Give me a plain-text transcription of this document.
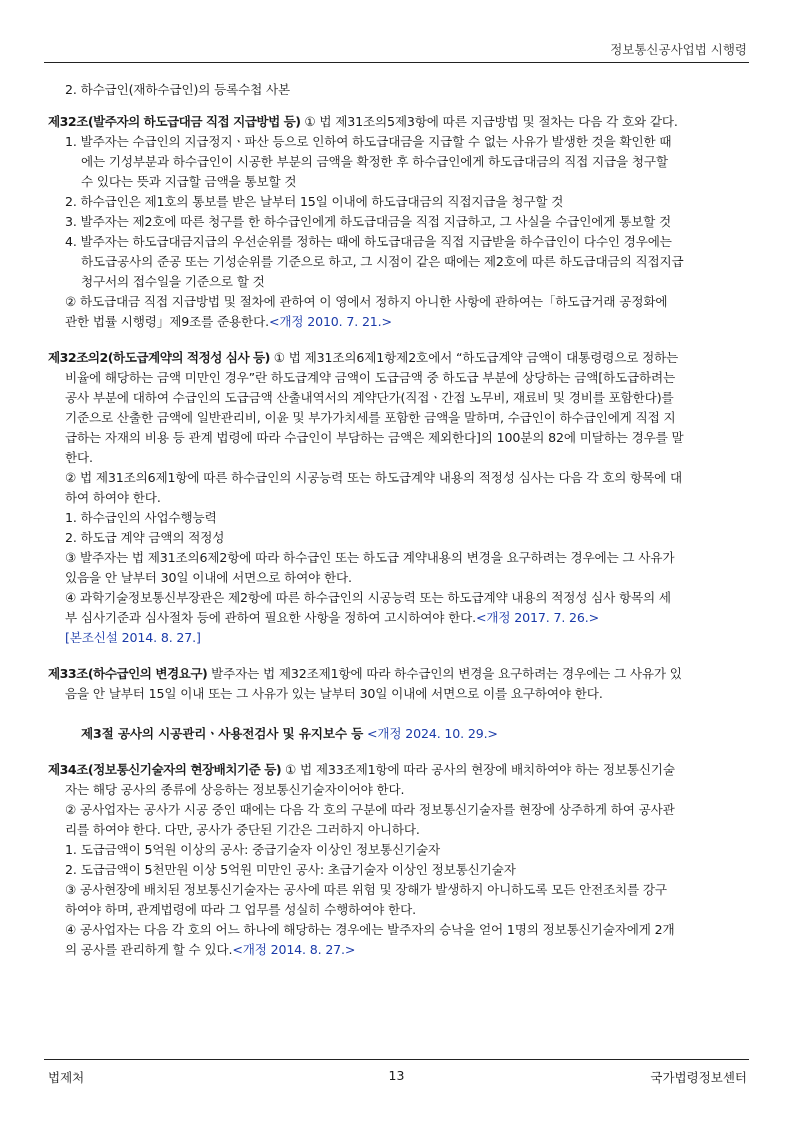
정보통신공사업법 시행령
2. 하수급인(재하수급인)의 등록수첩 사본
제32조(발주자의 하도급대금 직접 지급방법 등) ① 법 제31조의5제3항에 따른 지급방법 및 절차는 다음 각 호와 같다.
1. 발주자는 수급인의 지급정지ㆍ파산 등으로 인하여 하도급대금을 지급할 수 없는 사유가 발생한 것을 확인한 때
에는 기성부분과 하수급인이 시공한 부분의 금액을 확정한 후 하수급인에게 하도급대금의 직접 지급을 청구할
수 있다는 뜻과 지급할 금액을 통보할 것
2. 하수급인은 제1호의 통보를 받은 날부터 15일 이내에 하도급대금의 직접지급을 청구할 것
3. 발주자는 제2호에 따른 청구를 한 하수급인에게 하도급대금을 직접 지급하고, 그 사실을 수급인에게 통보할 것
4. 발주자는 하도급대금지급의 우선순위를 정하는 때에 하도급대금을 직접 지급받을 하수급인이 다수인 경우에는
하도급공사의 준공 또는 기성순위를 기준으로 하고, 그 시점이 같은 때에는 제2호에 따른 하도급대금의 직접지급
청구서의 접수일을 기준으로 할 것
② 하도급대금 직접 지급방법 및 절차에 관하여 이 영에서 정하지 아니한 사항에 관하여는「하도급거래 공정화에
관한 법률 시행령」제9조를 준용한다.<개정 2010. 7. 21.>
제32조의2(하도급계약의 적정성 심사 등) ① 법 제31조의6제1항제2호에서 “하도급계약 금액이 대통령령으로 정하는
비율에 해당하는 금액 미만인 경우”란 하도급계약 금액이 도급금액 중 하도급 부분에 상당하는 금액[하도급하려는
공사 부분에 대하여 수급인의 도급금액 산출내역서의 계약단가(직접ㆍ간접 노무비, 재료비 및 경비를 포함한다)를
기준으로 산출한 금액에 일반관리비, 이윤 및 부가가치세를 포함한 금액을 말하며, 수급인이 하수급인에게 직접 지
급하는 자재의 비용 등 관계 법령에 따라 수급인이 부담하는 금액은 제외한다]의 100분의 82에 미달하는 경우를 말
한다.
② 법 제31조의6제1항에 따른 하수급인의 시공능력 또는 하도급계약 내용의 적정성 심사는 다음 각 호의 항목에 대
하여 하여야 한다.
1. 하수급인의 사업수행능력
2. 하도급 계약 금액의 적정성
③ 발주자는 법 제31조의6제2항에 따라 하수급인 또는 하도급 계약내용의 변경을 요구하려는 경우에는 그 사유가
있음을 안 날부터 30일 이내에 서면으로 하여야 한다.
④ 과학기술정보통신부장관은 제2항에 따른 하수급인의 시공능력 또는 하도급계약 내용의 적정성 심사 항목의 세
부 심사기준과 심사절차 등에 관하여 필요한 사항을 정하여 고시하여야 한다.<개정 2017. 7. 26.>
[본조신설 2014. 8. 27.]
제33조(하수급인의 변경요구) 발주자는 법 제32조제1항에 따라 하수급인의 변경을 요구하려는 경우에는 그 사유가 있
음을 안 날부터 15일 이내 또는 그 사유가 있는 날부터 30일 이내에 서면으로 이를 요구하여야 한다.
제3절 공사의 시공관리ㆍ사용전검사 및 유지보수 등 <개정 2024. 10. 29.>
제34조(정보통신기술자의 현장배치기준 등) ① 법 제33조제1항에 따라 공사의 현장에 배치하여야 하는 정보통신기술
자는 해당 공사의 종류에 상응하는 정보통신기술자이어야 한다.
② 공사업자는 공사가 시공 중인 때에는 다음 각 호의 구분에 따라 정보통신기술자를 현장에 상주하게 하여 공사관
리를 하여야 한다. 다만, 공사가 중단된 기간은 그러하지 아니하다.
1. 도급금액이 5억원 이상의 공사: 중급기술자 이상인 정보통신기술자
2. 도급금액이 5천만원 이상 5억원 미만인 공사: 초급기술자 이상인 정보통신기술자
③ 공사현장에 배치된 정보통신기술자는 공사에 따른 위험 및 장해가 발생하지 아니하도록 모든 안전조치를 강구
하여야 하며, 관계법령에 따라 그 업무를 성실히 수행하여야 한다.
④ 공사업자는 다음 각 호의 어느 하나에 해당하는 경우에는 발주자의 승낙을 얻어 1명의 정보통신기술자에게 2개
의 공사를 관리하게 할 수 있다.<개정 2014. 8. 27.>
법제처	13	국가법령정보센터
